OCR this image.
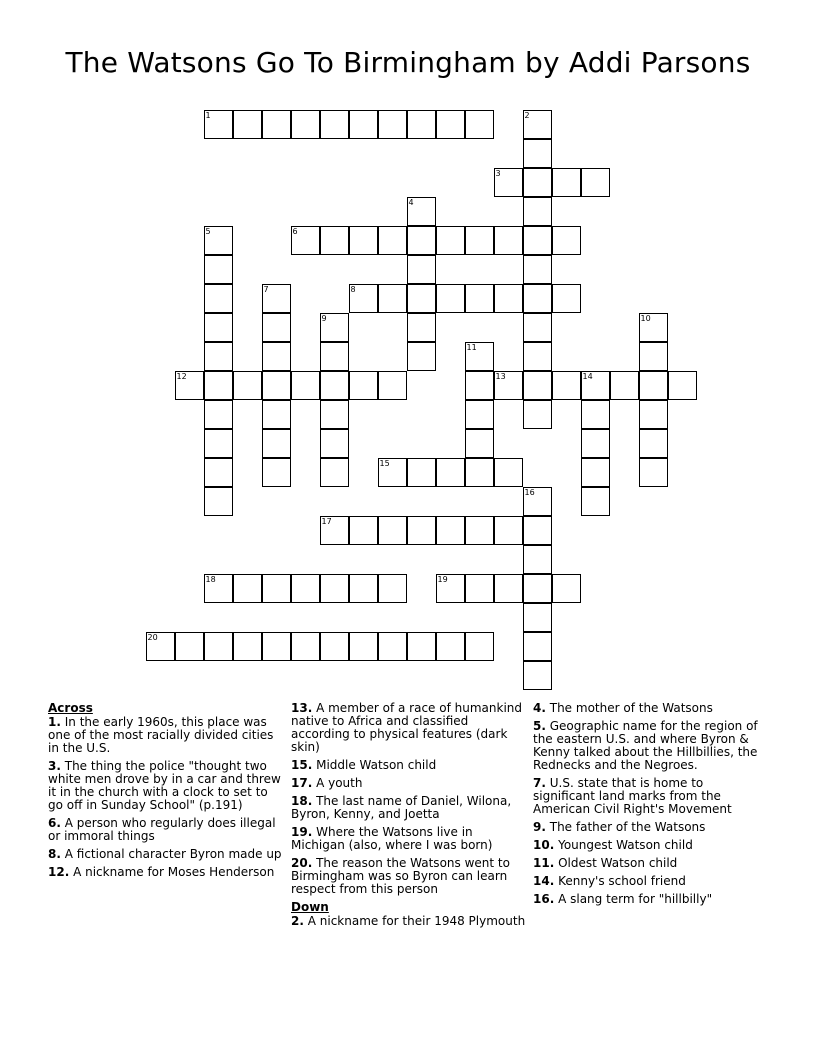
The Watsons Go To Birmingham by Addi Parsons
1	2
3
4
5	6
7	8
9	10
11
12	13	14
15
16
17
18	19
20
Across
1. In the early 1960s, this place was one of the most racially divided cities in the U.S.
3. The thing the police "thought two white men drove by in a car and threw it in the church with a clock to set to go off in Sunday School" (p.191)
6. A person who regularly does illegal or immoral things
8. A fictional character Byron made up
12. A nickname for Moses Henderson
13. A member of a race of humankind native to Africa and classified according to physical features (dark skin)
15. Middle Watson child
17. A youth
18. The last name of Daniel, Wilona, Byron, Kenny, and Joetta
19. Where the Watsons live in Michigan (also, where I was born)
20. The reason the Watsons went to Birmingham was so Byron can learn respect from this person
Down
2. A nickname for their 1948 Plymouth
4. The mother of the Watsons
5. Geographic name for the region of the eastern U.S. and where Byron & Kenny talked about the Hillbillies, the Rednecks and the Negroes.
7. U.S. state that is home to significant land marks from the American Civil Right's Movement
9. The father of the Watsons
10. Youngest Watson child
11. Oldest Watson child
14. Kenny's school friend
16. A slang term for "hillbilly"
